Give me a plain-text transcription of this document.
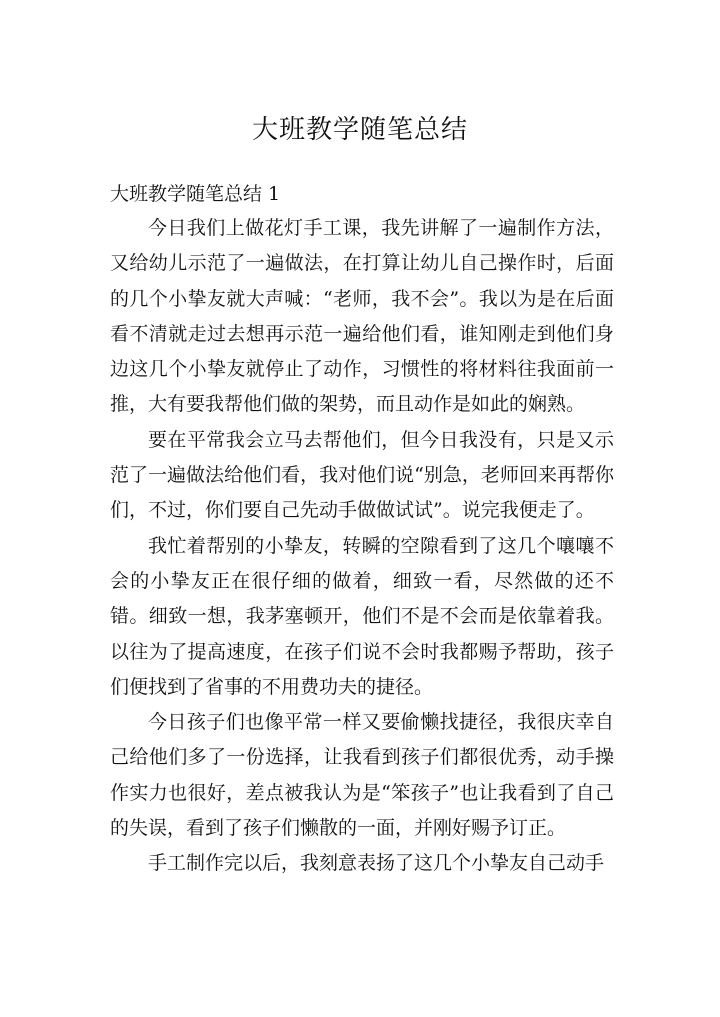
大班教学随笔总结
大班教学随笔总结 1

今日我们上做花灯手工课，我先讲解了一遍制作方法，又给幼儿示范了一遍做法，在打算让幼儿自己操作时，后面的几个小挚友就大声喊：“老师，我不会”。我以为是在后面看不清就走过去想再示范一遍给他们看，谁知刚走到他们身边这几个小挚友就停止了动作，习惯性的将材料往我面前一推，大有要我帮他们做的架势，而且动作是如此的娴熟。

要在平常我会立马去帮他们，但今日我没有，只是又示范了一遍做法给他们看，我对他们说“别急，老师回来再帮你们，不过，你们要自己先动手做做试试”。说完我便走了。

我忙着帮别的小挚友，转瞬的空隙看到了这几个嚷嚷不会的小挚友正在很仔细的做着，细致一看，尽然做的还不错。细致一想，我茅塞顿开，他们不是不会而是依靠着我。以往为了提高速度，在孩子们说不会时我都赐予帮助，孩子们便找到了省事的不用费功夫的捷径。

今日孩子们也像平常一样又要偷懒找捷径，我很庆幸自己给他们多了一份选择，让我看到孩子们都很优秀，动手操作实力也很好，差点被我认为是“笨孩子”也让我看到了自己的失误，看到了孩子们懒散的一面，并刚好赐予订正。

手工制作完以后，我刻意表扬了这几个小挚友自己动手
